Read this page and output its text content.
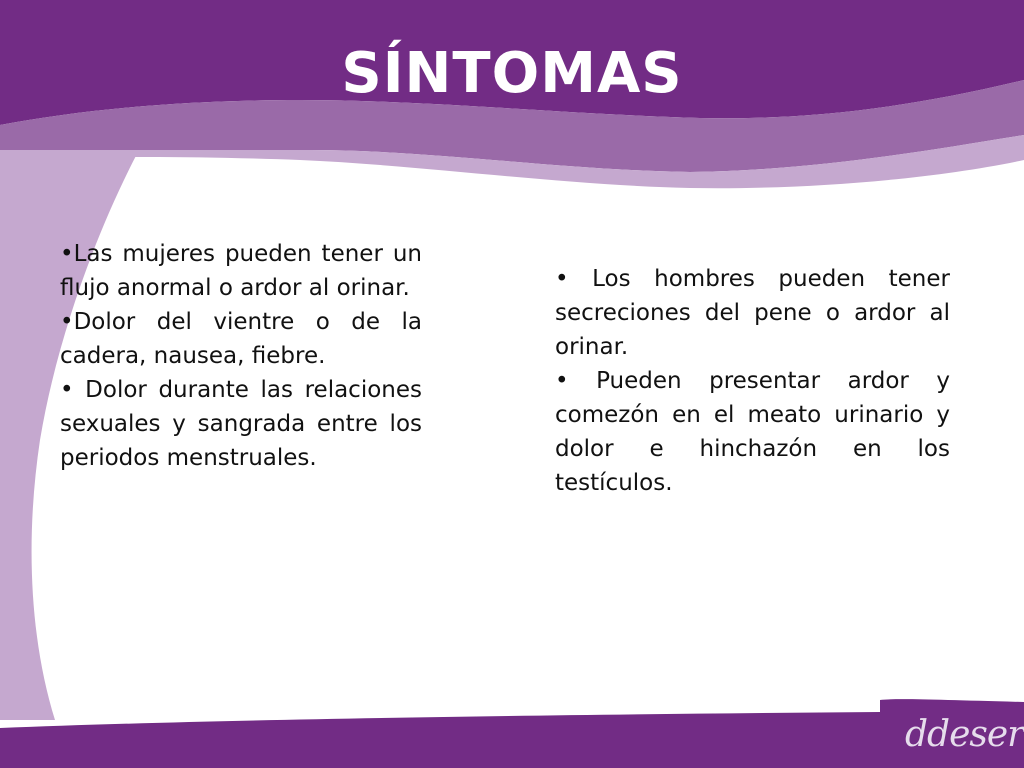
SÍNTOMAS

•Las mujeres pueden tener un flujo anormal o ardor al orinar.

•Dolor del vientre o de la cadera, nausea, fiebre.

• Dolor durante las relaciones sexuales y sangrada entre los periodos menstruales.

• Los hombres pueden tener secreciones del pene o ardor al orinar.

• Pueden presentar ardor y comezón en el meato urinario y dolor e hinchazón en los testículos.

ddeser
